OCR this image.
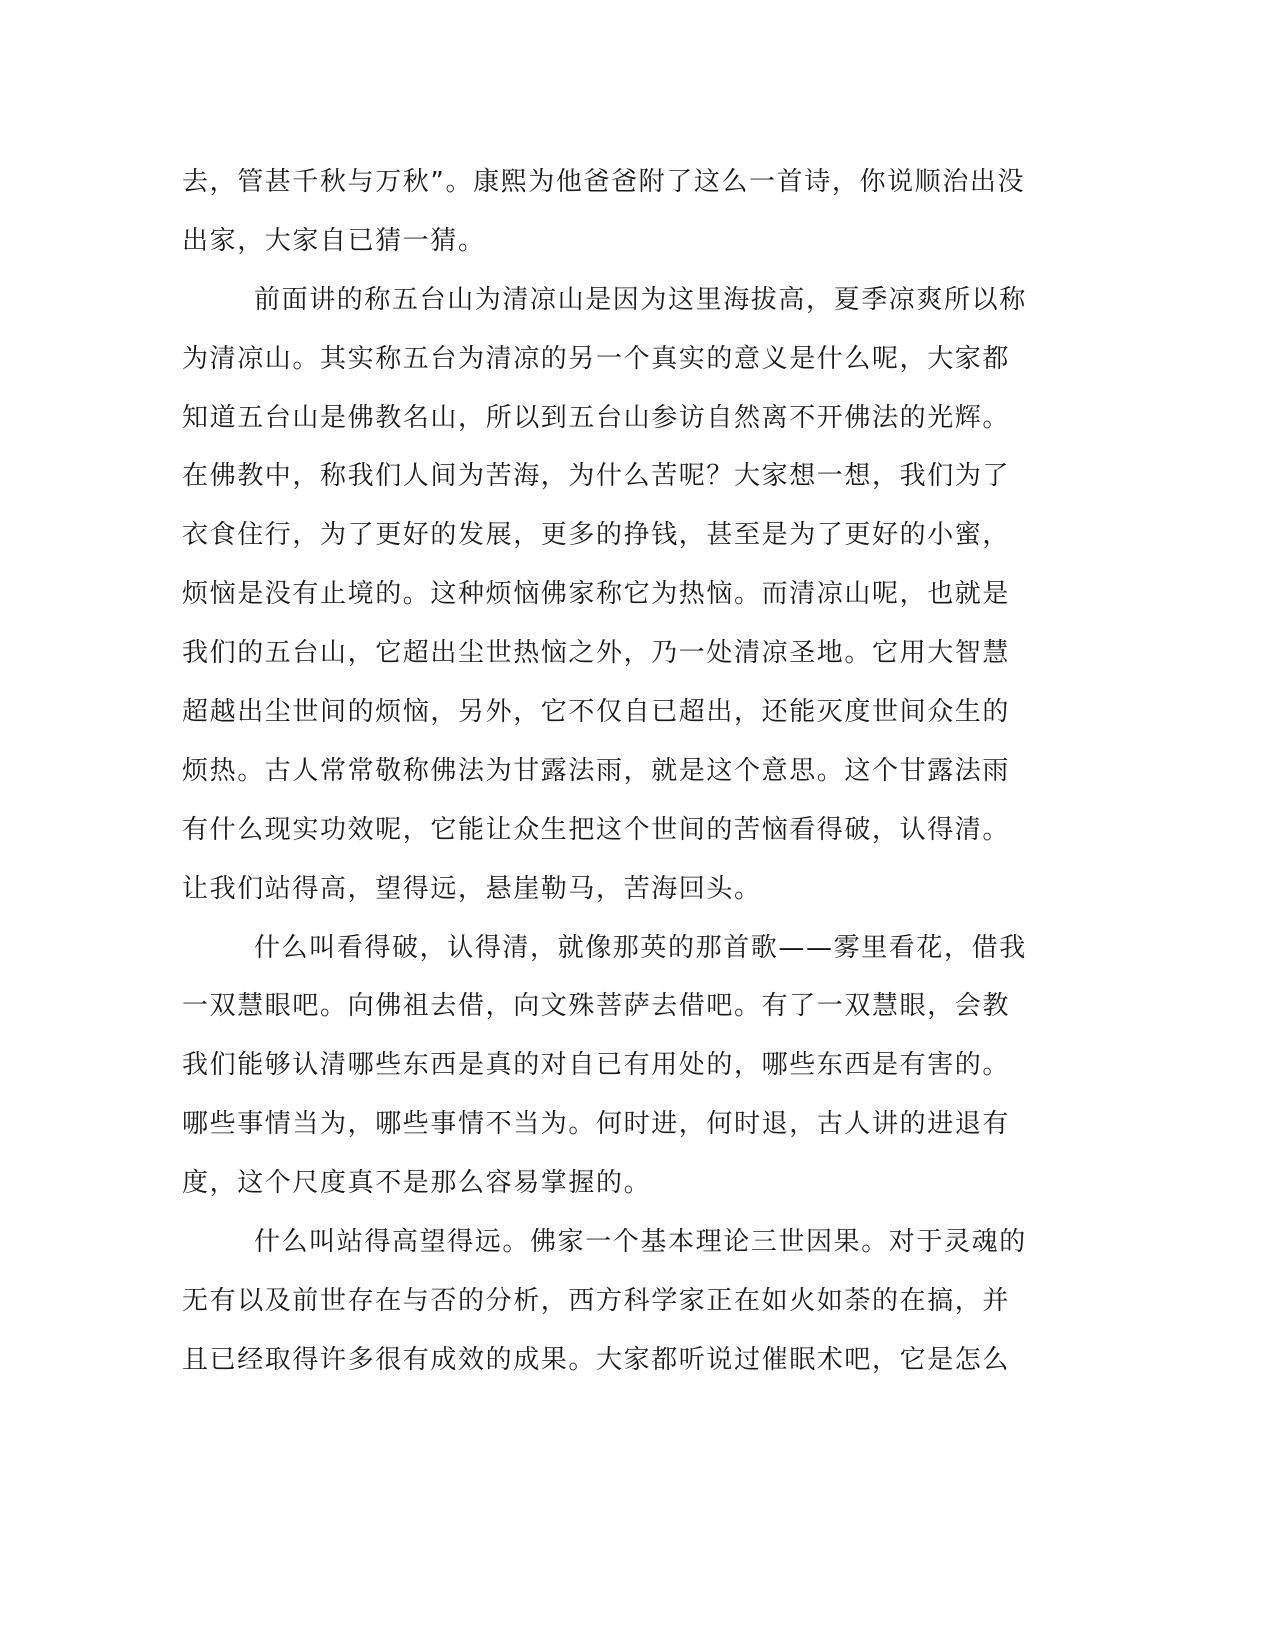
去，管甚千秋与万秋”。康熙为他爸爸附了这么一首诗，你说顺治出没
出家，大家自已猜一猜。
前面讲的称五台山为清凉山是因为这里海拔高，夏季凉爽所以称
为清凉山。其实称五台为清凉的另一个真实的意义是什么呢，大家都
知道五台山是佛教名山，所以到五台山参访自然离不开佛法的光辉。
在佛教中，称我们人间为苦海，为什么苦呢？大家想一想，我们为了
衣食住行，为了更好的发展，更多的挣钱，甚至是为了更好的小蜜，
烦恼是没有止境的。这种烦恼佛家称它为热恼。而清凉山呢，也就是
我们的五台山，它超出尘世热恼之外，乃一处清凉圣地。它用大智慧
超越出尘世间的烦恼，另外，它不仅自已超出，还能灭度世间众生的
烦热。古人常常敬称佛法为甘露法雨，就是这个意思。这个甘露法雨
有什么现实功效呢，它能让众生把这个世间的苦恼看得破，认得清。
让我们站得高，望得远，悬崖勒马，苦海回头。
什么叫看得破，认得清，就像那英的那首歌——雾里看花，借我
一双慧眼吧。向佛祖去借，向文殊菩萨去借吧。有了一双慧眼，会教
我们能够认清哪些东西是真的对自已有用处的，哪些东西是有害的。
哪些事情当为，哪些事情不当为。何时进，何时退，古人讲的进退有
度，这个尺度真不是那么容易掌握的。
什么叫站得高望得远。佛家一个基本理论三世因果。对于灵魂的
无有以及前世存在与否的分析，西方科学家正在如火如荼的在搞，并
且已经取得许多很有成效的成果。大家都听说过催眠术吧，它是怎么
